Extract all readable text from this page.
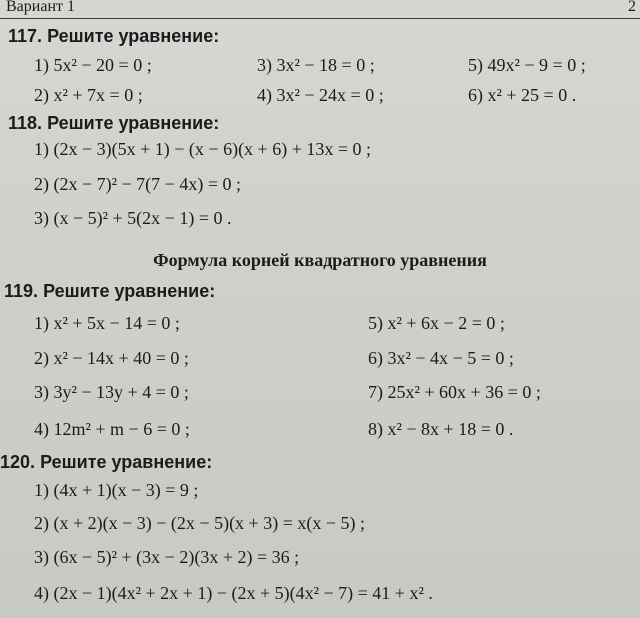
Вариант 1	2
117. Решите уравнение:
1) 5x² − 20 = 0 ;	3) 3x² − 18 = 0 ;	5) 49x² − 9 = 0 ;
2) x² + 7x = 0 ;	4) 3x² − 24x = 0 ;	6) x² + 25 = 0 .
118. Решите уравнение:
1) (2x − 3)(5x + 1) − (x − 6)(x + 6) + 13x = 0 ;
2) (2x − 7)² − 7(7 − 4x) = 0 ;
3) (x − 5)² + 5(2x − 1) = 0 .
Формула корней квадратного уравнения
119. Решите уравнение:
1) x² + 5x − 14 = 0 ;	5) x² + 6x − 2 = 0 ;
2) x² − 14x + 40 = 0 ;	6) 3x² − 4x − 5 = 0 ;
3) 3y² − 13y + 4 = 0 ;	7) 25x² + 60x + 36 = 0 ;
4) 12m² + m − 6 = 0 ;	8) x² − 8x + 18 = 0 .
120. Решите уравнение:
1) (4x + 1)(x − 3) = 9 ;
2) (x + 2)(x − 3) − (2x − 5)(x + 3) = x(x − 5) ;
3) (6x − 5)² + (3x − 2)(3x + 2) = 36 ;
4) (2x − 1)(4x² + 2x + 1) − (2x + 5)(4x² − 7) = 41 + x² .
